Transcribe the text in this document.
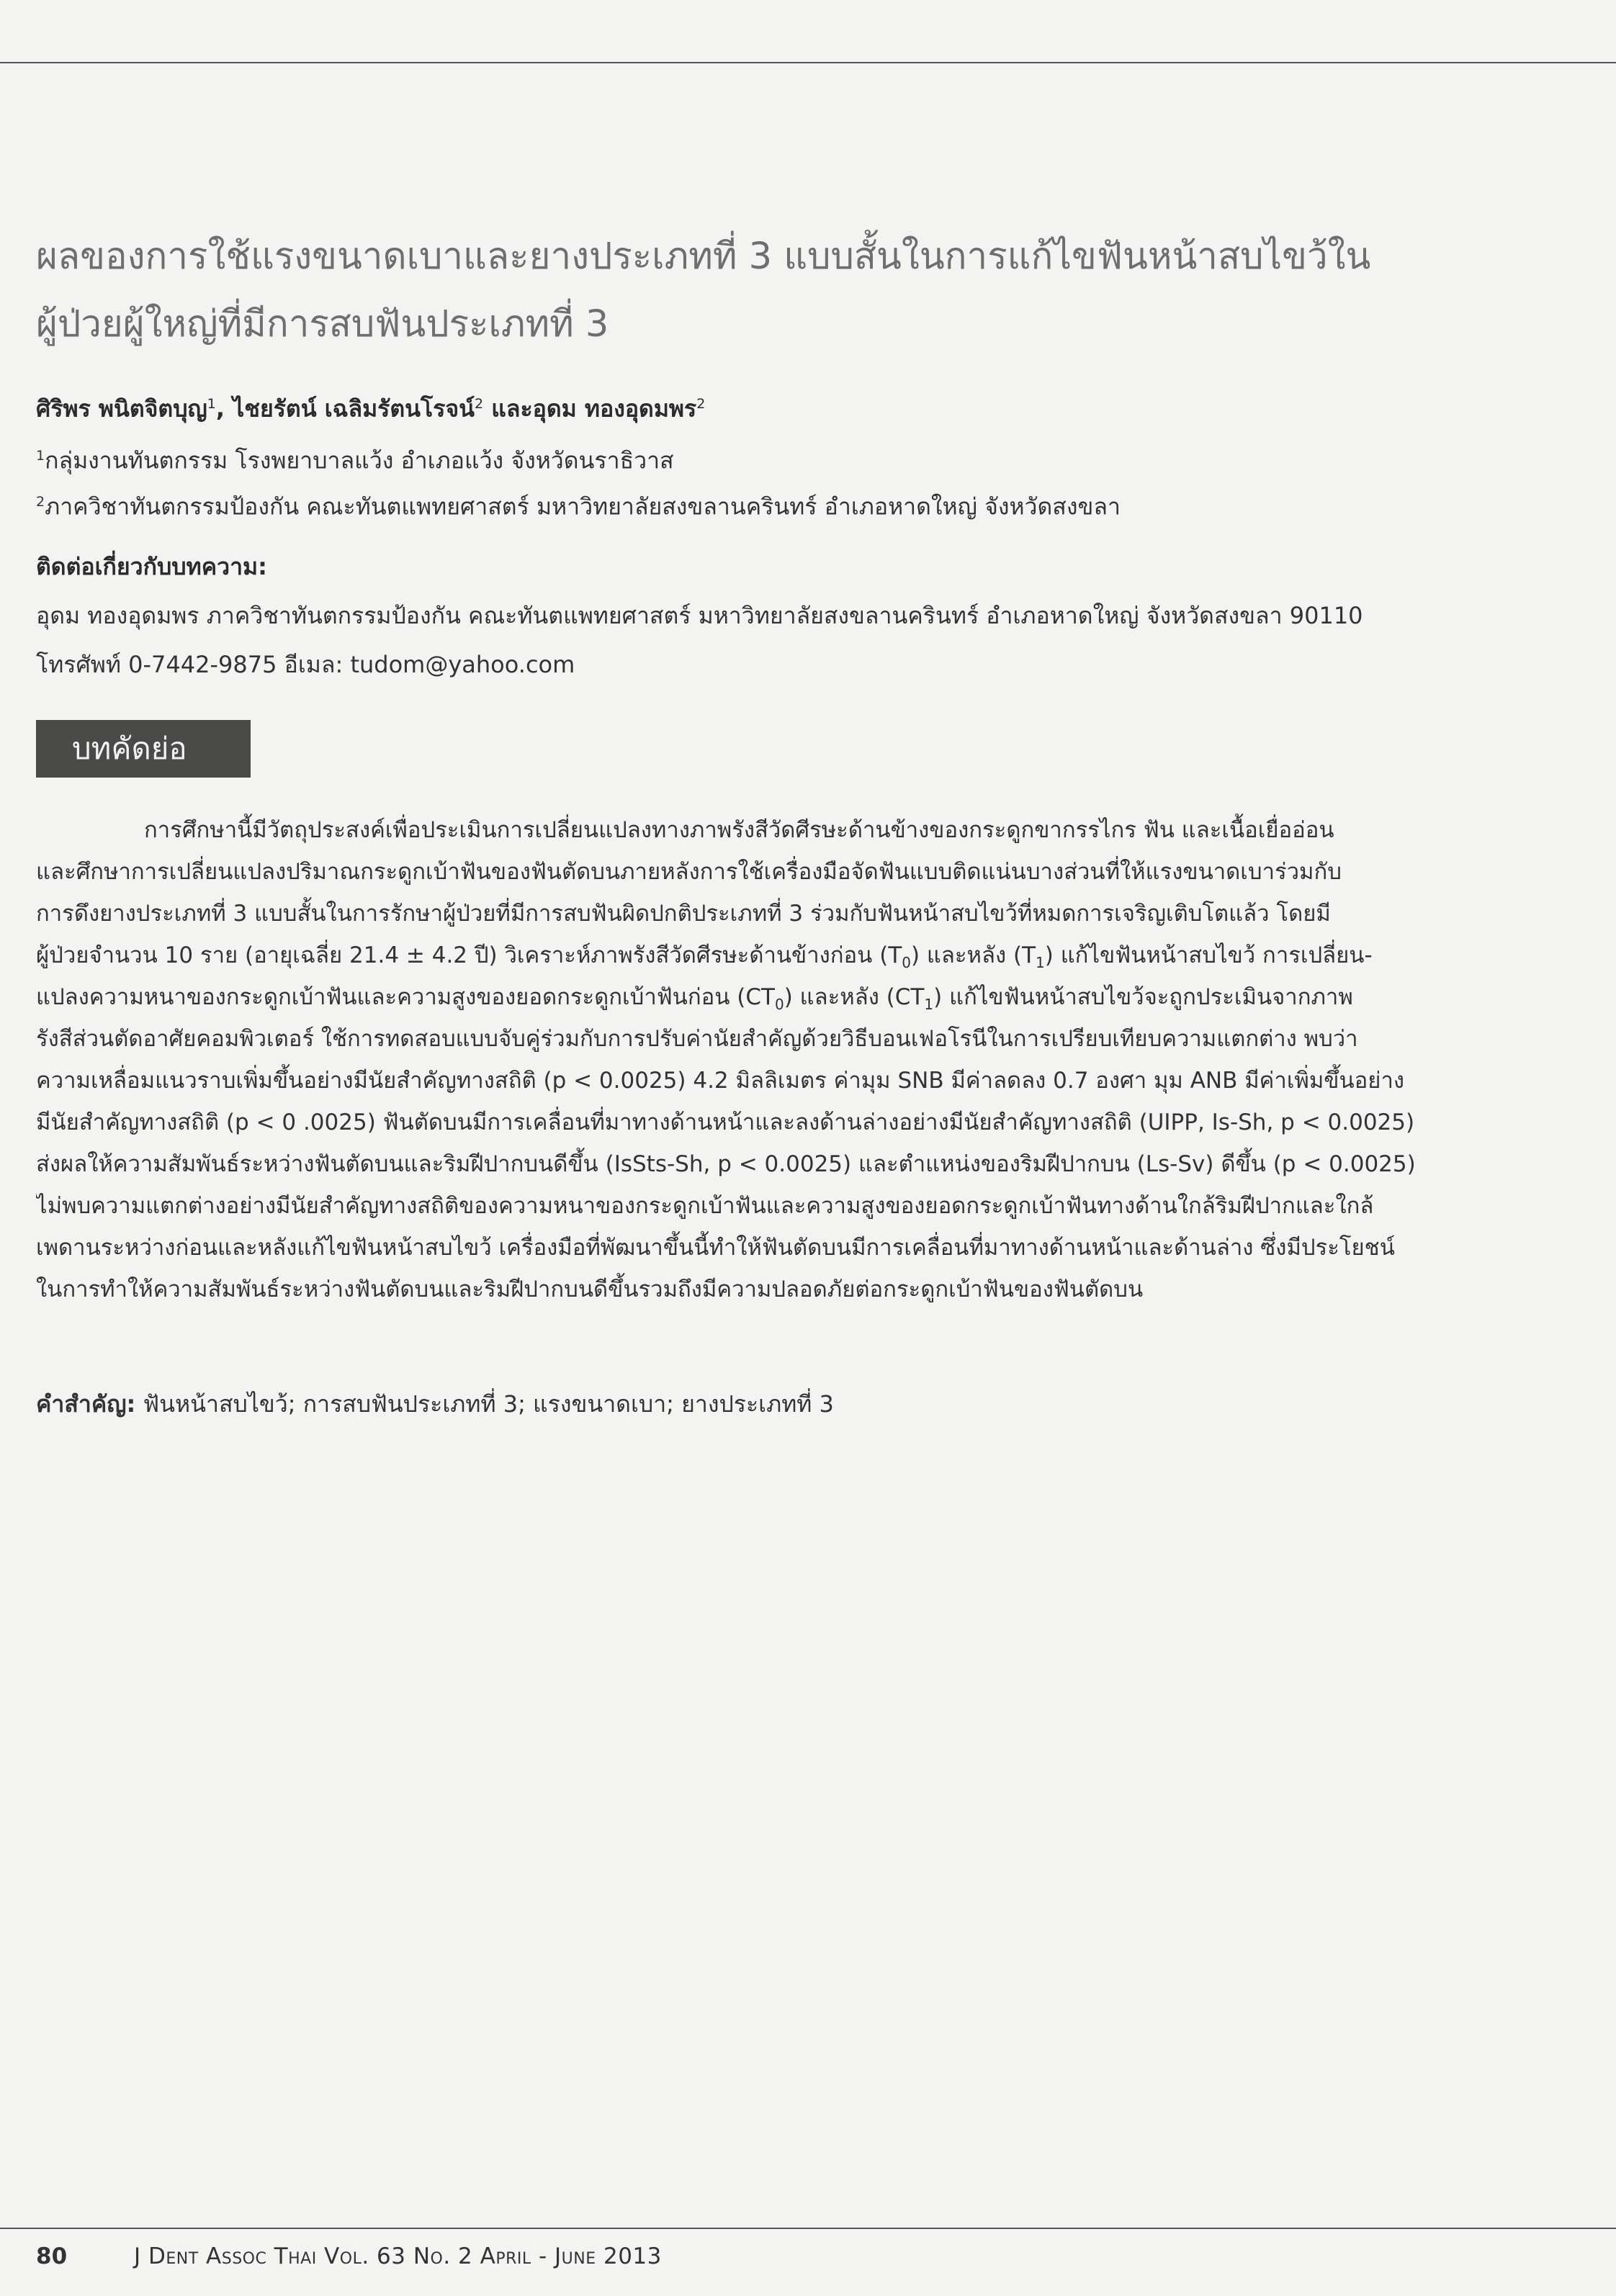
ผลของการใช้แรงขนาดเบาและยางประเภทที่ 3 แบบสั้นในการแก้ไขฟันหน้าสบไขว้ใน
ผู้ป่วยผู้ใหญ่ที่มีการสบฟันประเภทที่ 3
ศิริพร พนิตจิตบุญ$^1$, ไชยรัตน์ เฉลิมรัตนโรจน์$^2$ และอุดม ทองอุดมพร$^2$
$^1$กลุ่มงานทันตกรรม โรงพยาบาลแว้ง อำเภอแว้ง จังหวัดนราธิวาส
$^2$ภาควิชาทันตกรรมป้องกัน คณะทันตแพทยศาสตร์ มหาวิทยาลัยสงขลานครินทร์ อำเภอหาดใหญ่ จังหวัดสงขลา
ติดต่อเกี่ยวกับบทความ:
อุดม ทองอุดมพร ภาควิชาทันตกรรมป้องกัน คณะทันตแพทยศาสตร์ มหาวิทยาลัยสงขลานครินทร์ อำเภอหาดใหญ่ จังหวัดสงขลา 90110
โทรศัพท์ 0-7442-9875 อีเมล: tudom@yahoo.com
บทคัดย่อ
การศึกษานี้มีวัตถุประสงค์เพื่อประเมินการเปลี่ยนแปลงทางภาพรังสีวัดศีรษะด้านข้างของกระดูกขากรรไกร ฟัน และเนื้อเยื่ออ่อน
และศึกษาการเปลี่ยนแปลงปริมาณกระดูกเบ้าฟันของฟันตัดบนภายหลังการใช้เครื่องมือจัดฟันแบบติดแน่นบางส่วนที่ให้แรงขนาดเบาร่วมกับ
การดึงยางประเภทที่ 3 แบบสั้นในการรักษาผู้ป่วยที่มีการสบฟันผิดปกติประเภทที่ 3 ร่วมกับฟันหน้าสบไขว้ที่หมดการเจริญเติบโตแล้ว โดยมี
ผู้ป่วยจำนวน 10 ราย (อายุเฉลี่ย 21.4 ± 4.2 ปี) วิเคราะห์ภาพรังสีวัดศีรษะด้านข้างก่อน $(T_0)$ และหลัง $(T_1)$ แก้ไขฟันหน้าสบไขว้ การเปลี่ยน-
แปลงความหนาของกระดูกเบ้าฟันและความสูงของยอดกระดูกเบ้าฟันก่อน $(CT_0)$ และหลัง $(CT_1)$ แก้ไขฟันหน้าสบไขว้จะถูกประเมินจากภาพ
รังสีส่วนตัดอาศัยคอมพิวเตอร์ ใช้การทดสอบแบบจับคู่ร่วมกับการปรับค่านัยสำคัญด้วยวิธีบอนเฟอโรนีในการเปรียบเทียบความแตกต่าง พบว่า
ความเหลื่อมแนวราบเพิ่มขึ้นอย่างมีนัยสำคัญทางสถิติ (p < 0.0025) 4.2 มิลลิเมตร ค่ามุม SNB มีค่าลดลง 0.7 องศา มุม ANB มีค่าเพิ่มขึ้นอย่าง
มีนัยสำคัญทางสถิติ (p < 0 .0025) ฟันตัดบนมีการเคลื่อนที่มาทางด้านหน้าและลงด้านล่างอย่างมีนัยสำคัญทางสถิติ (UIPP, Is-Sh, p < 0.0025)
ส่งผลให้ความสัมพันธ์ระหว่างฟันตัดบนและริมฝีปากบนดีขึ้น (IsSts-Sh, p < 0.0025) และตำแหน่งของริมฝีปากบน (Ls-Sv) ดีขึ้น (p < 0.0025)
ไม่พบความแตกต่างอย่างมีนัยสำคัญทางสถิติของความหนาของกระดูกเบ้าฟันและความสูงของยอดกระดูกเบ้าฟันทางด้านใกล้ริมฝีปากและใกล้
เพดานระหว่างก่อนและหลังแก้ไขฟันหน้าสบไขว้ เครื่องมือที่พัฒนาขึ้นนี้ทำให้ฟันตัดบนมีการเคลื่อนที่มาทางด้านหน้าและด้านล่าง ซึ่งมีประโยชน์
ในการทำให้ความสัมพันธ์ระหว่างฟันตัดบนและริมฝีปากบนดีขึ้นรวมถึงมีความปลอดภัยต่อกระดูกเบ้าฟันของฟันตัดบน
คำสำคัญ: ฟันหน้าสบไขว้; การสบฟันประเภทที่ 3; แรงขนาดเบา; ยางประเภทที่ 3
80	J Dent Assoc Thai Vol. 63 No. 2 April - June 2013
